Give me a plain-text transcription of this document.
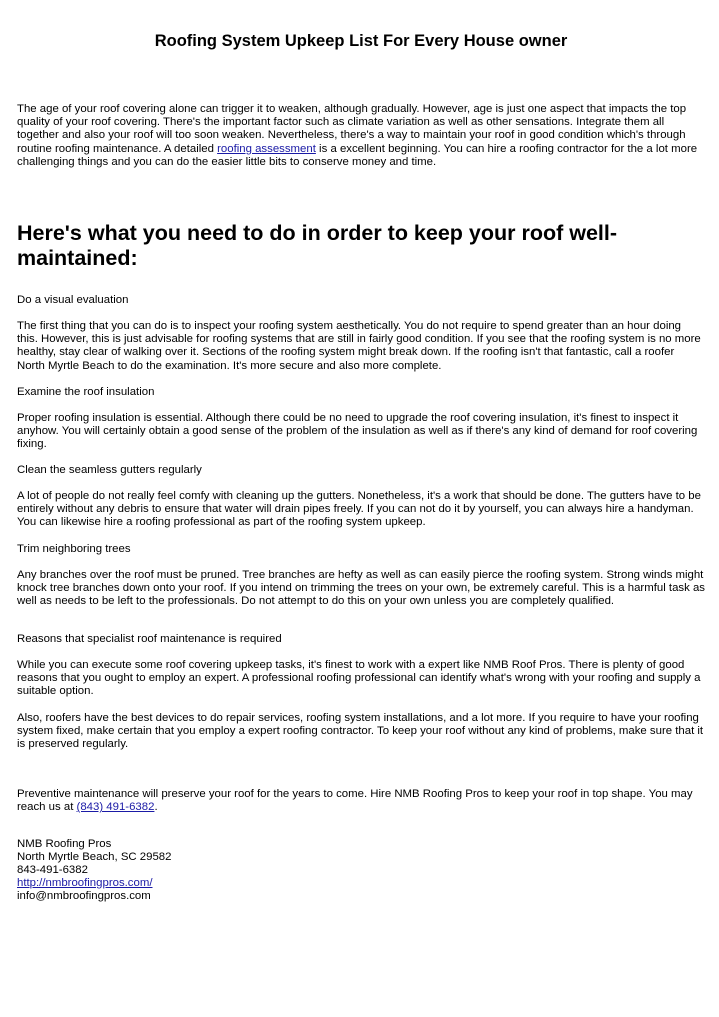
Roofing System Upkeep List For Every House owner

The age of your roof covering alone can trigger it to weaken, although gradually. However, age is just one aspect that impacts the top quality of your roof covering. There's the important factor such as climate variation as well as other sensations. Integrate them all together and also your roof will too soon weaken. Nevertheless, there's a way to maintain your roof in good condition which's through routine roofing maintenance. A detailed roofing assessment is a excellent beginning. You can hire a roofing contractor for the a lot more challenging things and you can do the easier little bits to conserve money and time.

Here's what you need to do in order to keep your roof well-maintained:

Do a visual evaluation

The first thing that you can do is to inspect your roofing system aesthetically. You do not require to spend greater than an hour doing this. However, this is just advisable for roofing systems that are still in fairly good condition. If you see that the roofing system is no more healthy, stay clear of walking over it. Sections of the roofing system might break down. If the roofing isn't that fantastic, call a roofer North Myrtle Beach to do the examination. It's more secure and also more complete.

Examine the roof insulation

Proper roofing insulation is essential. Although there could be no need to upgrade the roof covering insulation, it's finest to inspect it anyhow. You will certainly obtain a good sense of the problem of the insulation as well as if there's any kind of demand for roof covering fixing.

Clean the seamless gutters regularly

A lot of people do not really feel comfy with cleaning up the gutters. Nonetheless, it's a work that should be done. The gutters have to be entirely without any debris to ensure that water will drain pipes freely. If you can not do it by yourself, you can always hire a handyman. You can likewise hire a roofing professional as part of the roofing system upkeep.

Trim neighboring trees

Any branches over the roof must be pruned. Tree branches are hefty as well as can easily pierce the roofing system. Strong winds might knock tree branches down onto your roof. If you intend on trimming the trees on your own, be extremely careful. This is a harmful task as well as needs to be left to the professionals. Do not attempt to do this on your own unless you are completely qualified.

Reasons that specialist roof maintenance is required

While you can execute some roof covering upkeep tasks, it's finest to work with a expert like NMB Roof Pros. There is plenty of good reasons that you ought to employ an expert. A professional roofing professional can identify what's wrong with your roofing and supply a suitable option.

Also, roofers have the best devices to do repair services, roofing system installations, and a lot more. If you require to have your roofing system fixed, make certain that you employ a expert roofing contractor. To keep your roof without any kind of problems, make sure that it is preserved regularly.

Preventive maintenance will preserve your roof for the years to come. Hire NMB Roofing Pros to keep your roof in top shape. You may reach us at (843) 491-6382.

NMB Roofing Pros

North Myrtle Beach, SC 29582

843-491-6382

http://nmbroofingpros.com/

info@nmbroofingpros.com
